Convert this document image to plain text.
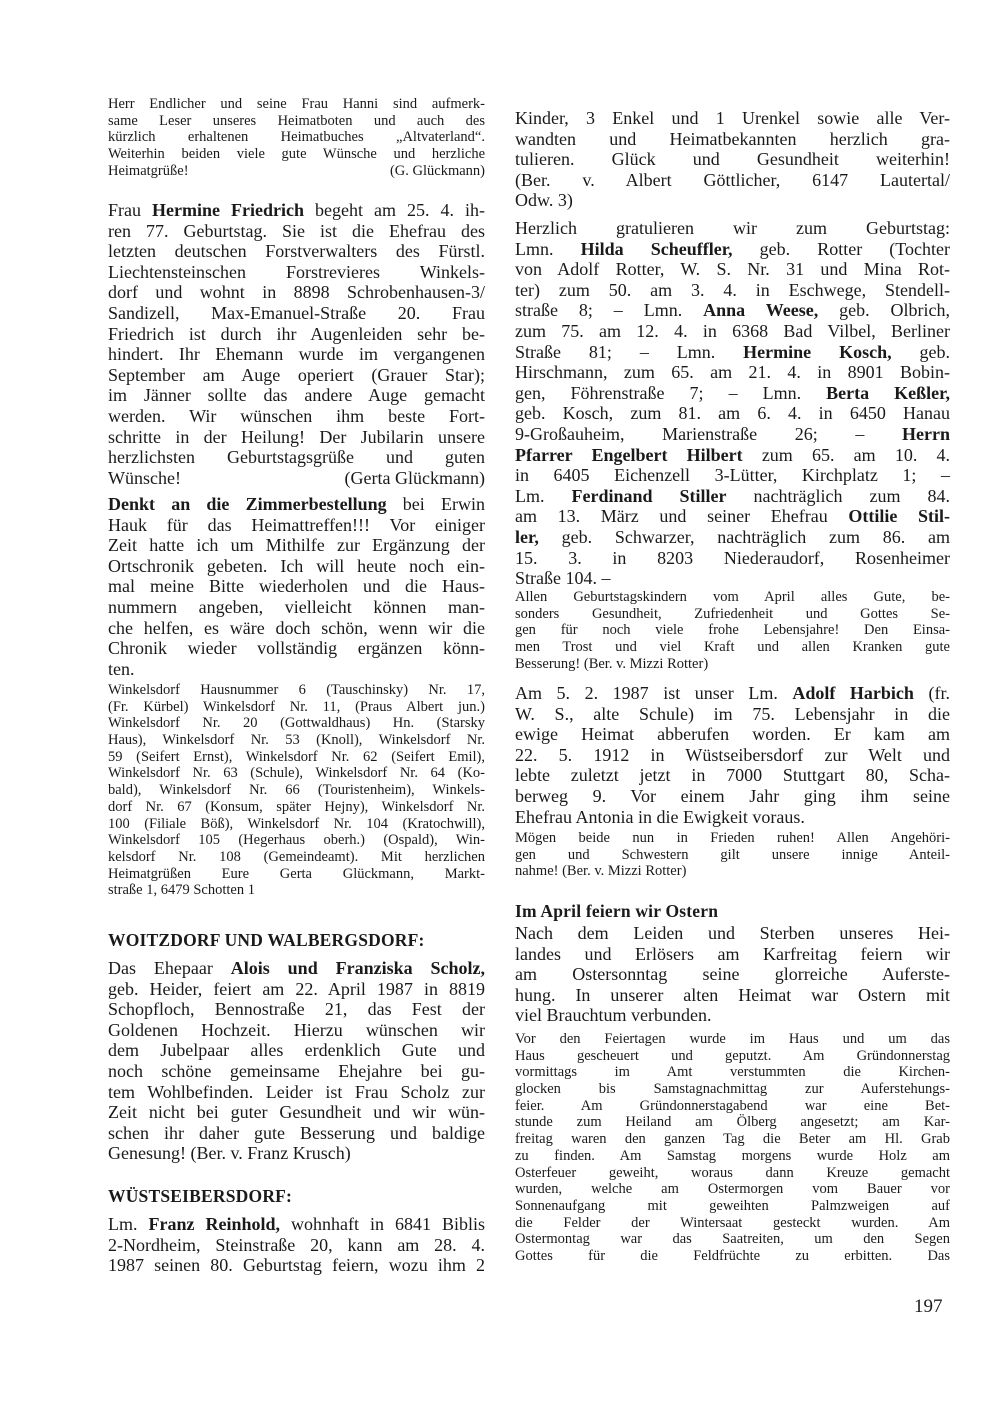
Herr Endlicher und seine Frau Hanni sind aufmerk-
same Leser unseres Heimatboten und auch des
kürzlich erhaltenen Heimatbuches „Altvaterland“.
Weiterhin beiden viele gute Wünsche und herzliche
Heimatgrüße!	(G. Glückmann)
Frau Hermine Friedrich begeht am 25. 4. ih-
ren 77. Geburtstag. Sie ist die Ehefrau des
letzten deutschen Forstverwalters des Fürstl.
Liechtensteinschen Forstrevieres Winkels-
dorf und wohnt in 8898 Schrobenhausen-3/
Sandizell, Max-Emanuel-Straße 20. Frau
Friedrich ist durch ihr Augenleiden sehr be-
hindert. Ihr Ehemann wurde im vergangenen
September am Auge operiert (Grauer Star);
im Jänner sollte das andere Auge gemacht
werden. Wir wünschen ihm beste Fort-
schritte in der Heilung! Der Jubilarin unsere
herzlichsten Geburtstagsgrüße und guten
Wünsche!	(Gerta Glückmann)
Denkt an die Zimmerbestellung bei Erwin
Hauk für das Heimattreffen!!! Vor einiger
Zeit hatte ich um Mithilfe zur Ergänzung der
Ortschronik gebeten. Ich will heute noch ein-
mal meine Bitte wiederholen und die Haus-
nummern angeben, vielleicht können man-
che helfen, es wäre doch schön, wenn wir die
Chronik wieder vollständig ergänzen könn-
ten.
Winkelsdorf Hausnummer 6 (Tauschinsky) Nr. 17,
(Fr. Kürbel) Winkelsdorf Nr. 11, (Praus Albert jun.)
Winkelsdorf Nr. 20 (Gottwaldhaus) Hn. (Starsky
Haus), Winkelsdorf Nr. 53 (Knoll), Winkelsdorf Nr.
59 (Seifert Ernst), Winkelsdorf Nr. 62 (Seifert Emil),
Winkelsdorf Nr. 63 (Schule), Winkelsdorf Nr. 64 (Ko-
bald), Winkelsdorf Nr. 66 (Touristenheim), Winkels-
dorf Nr. 67 (Konsum, später Hejny), Winkelsdorf Nr.
100 (Filiale Böß), Winkelsdorf Nr. 104 (Kratochwill),
Winkelsdorf 105 (Hegerhaus oberh.) (Ospald), Win-
kelsdorf Nr. 108 (Gemeindeamt). Mit herzlichen
Heimatgrüßen Eure Gerta Glückmann, Markt-
straße 1, 6479 Schotten 1
WOITZDORF UND WALBERGSDORF:
Das Ehepaar Alois und Franziska Scholz,
geb. Heider, feiert am 22. April 1987 in 8819
Schopfloch, Bennostraße 21, das Fest der
Goldenen Hochzeit. Hierzu wünschen wir
dem Jubelpaar alles erdenklich Gute und
noch schöne gemeinsame Ehejahre bei gu-
tem Wohlbefinden. Leider ist Frau Scholz zur
Zeit nicht bei guter Gesundheit und wir wün-
schen ihr daher gute Besserung und baldige
Genesung! (Ber. v. Franz Krusch)
WÜSTSEIBERSDORF:
Lm. Franz Reinhold, wohnhaft in 6841 Biblis
2-Nordheim, Steinstraße 20, kann am 28. 4.
1987 seinen 80. Geburtstag feiern, wozu ihm 2
Kinder, 3 Enkel und 1 Urenkel sowie alle Ver-
wandten und Heimatbekannten herzlich gra-
tulieren. Glück und Gesundheit weiterhin!
(Ber. v. Albert Göttlicher, 6147 Lautertal/
Odw. 3)
Herzlich gratulieren wir zum Geburtstag:
Lmn. Hilda Scheuffler, geb. Rotter (Tochter
von Adolf Rotter, W. S. Nr. 31 und Mina Rot-
ter) zum 50. am 3. 4. in Eschwege, Stendell-
straße 8; – Lmn. Anna Weese, geb. Olbrich,
zum 75. am 12. 4. in 6368 Bad Vilbel, Berliner
Straße 81; – Lmn. Hermine Kosch, geb.
Hirschmann, zum 65. am 21. 4. in 8901 Bobin-
gen, Föhrenstraße 7; – Lmn. Berta Keßler,
geb. Kosch, zum 81. am 6. 4. in 6450 Hanau
9-Großauheim, Marienstraße 26; – Herrn
Pfarrer Engelbert Hilbert zum 65. am 10. 4.
in 6405 Eichenzell 3-Lütter, Kirchplatz 1; –
Lm. Ferdinand Stiller nachträglich zum 84.
am 13. März und seiner Ehefrau Ottilie Stil-
ler, geb. Schwarzer, nachträglich zum 86. am
15. 3. in 8203 Niederaudorf, Rosenheimer
Straße 104. –
Allen Geburtstagskindern vom April alles Gute, be-
sonders Gesundheit, Zufriedenheit und Gottes Se-
gen für noch viele frohe Lebensjahre! Den Einsa-
men Trost und viel Kraft und allen Kranken gute
Besserung! (Ber. v. Mizzi Rotter)
Am 5. 2. 1987 ist unser Lm. Adolf Harbich (fr.
W. S., alte Schule) im 75. Lebensjahr in die
ewige Heimat abberufen worden. Er kam am
22. 5. 1912 in Wüstseibersdorf zur Welt und
lebte zuletzt jetzt in 7000 Stuttgart 80, Scha-
berweg 9. Vor einem Jahr ging ihm seine
Ehefrau Antonia in die Ewigkeit voraus.
Mögen beide nun in Frieden ruhen! Allen Angehöri-
gen und Schwestern gilt unsere innige Anteil-
nahme! (Ber. v. Mizzi Rotter)
Im April feiern wir Ostern
Nach dem Leiden und Sterben unseres Hei-
landes und Erlösers am Karfreitag feiern wir
am Ostersonntag seine glorreiche Auferste-
hung. In unserer alten Heimat war Ostern mit
viel Brauchtum verbunden.
Vor den Feiertagen wurde im Haus und um das
Haus gescheuert und geputzt. Am Gründonnerstag
vormittags im Amt verstummten die Kirchen-
glocken bis Samstagnachmittag zur Auferstehungs-
feier. Am Gründonnerstagabend war eine Bet-
stunde zum Heiland am Ölberg angesetzt; am Kar-
freitag waren den ganzen Tag die Beter am Hl. Grab
zu finden. Am Samstag morgens wurde Holz am
Osterfeuer geweiht, woraus dann Kreuze gemacht
wurden, welche am Ostermorgen vom Bauer vor
Sonnenaufgang mit geweihten Palmzweigen auf
die Felder der Wintersaat gesteckt wurden. Am
Ostermontag war das Saatreiten, um den Segen
Gottes für die Feldfrüchte zu erbitten. Das
197
